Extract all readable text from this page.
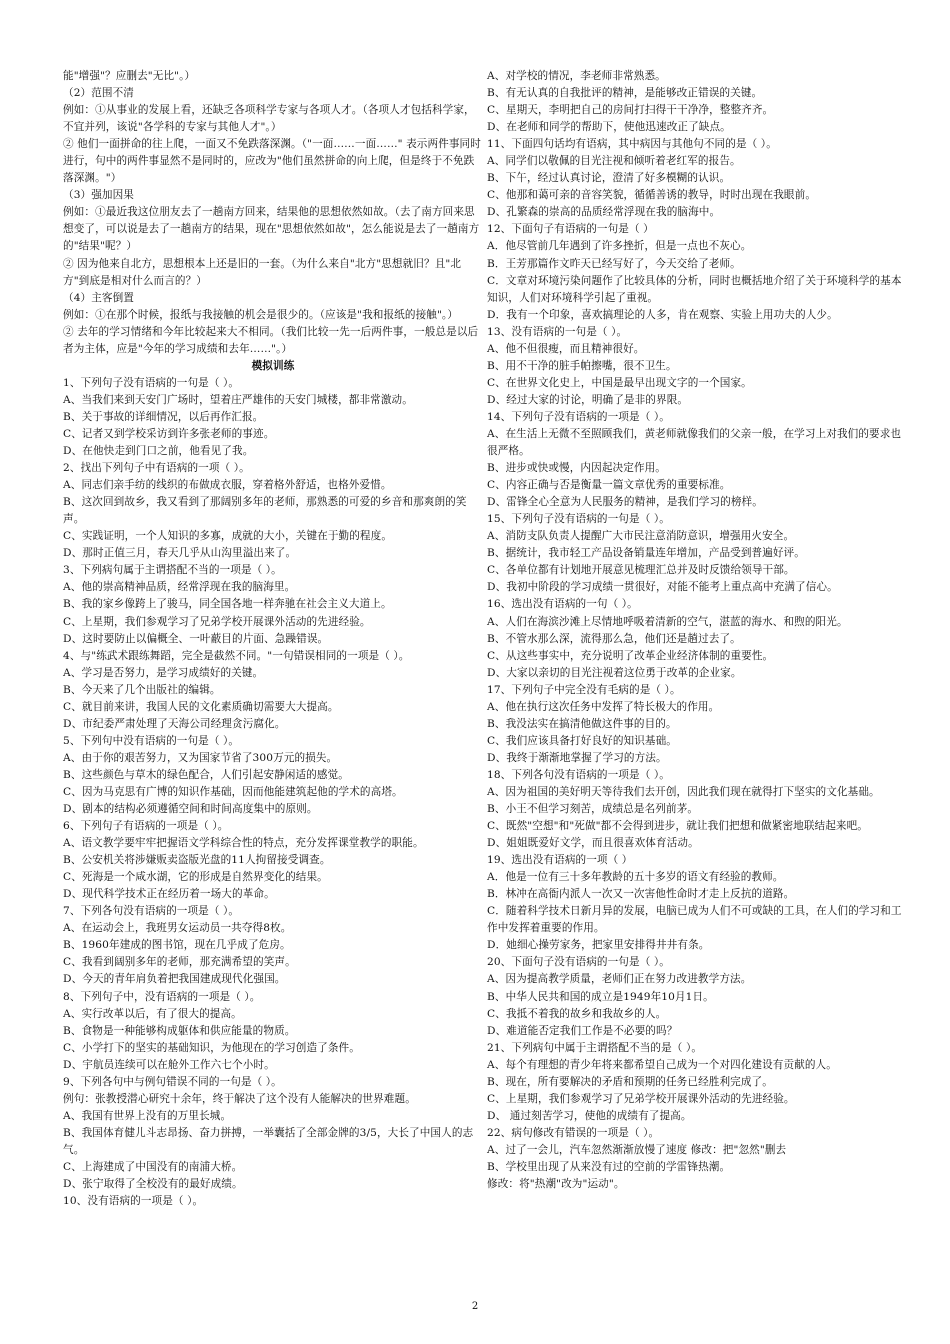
能"增强"？应删去"无比"。）
（2）范围不清
例如：①从事业的发展上看，还缺乏各项科学专家与各项人才。（各项人才包括科学家，不宜并列，该说"各学科的专家与其他人才"。）
② 他们一面拼命的往上爬，一面又不免跌落深渊。（"一面……一面……" 表示两件事同时进行，句中的两件事显然不是同时的，应改为"他们虽然拼命的向上爬，但是终于不免跌落深渊。"）
（3）强加因果
例如：①最近我这位朋友去了一趟南方回来，结果他的思想依然如故。（去了南方回来思想变了，可以说是去了一趟南方的结果，现在"思想依然如故"，怎么能说是去了一趟南方的"结果"呢？）
② 因为他来自北方，思想根本上还是旧的一套。（为什么来自"北方"思想就旧？且"北方"到底是相对什么而言的？）
（4）主客倒置
例如：①在那个时候，报纸与我接触的机会是很少的。（应该是"我和报纸的接触"。）
② 去年的学习情绪和今年比较起来大不相同。（我们比较一先一后两件事，一般总是以后者为主体，应是"今年的学习成绩和去年……"。）
模拟训练
1、下列句子没有语病的一句是（ ）。
A、当我们来到天安门广场时，望着庄严雄伟的天安门城楼，都非常激动。
B、关于事故的详细情况，以后再作汇报。
C、记者又到学校采访到许多张老师的事迹。
D、在他快走到门口之前，他看见了我。
2、找出下列句子中有语病的一项（ ）。
A、同志们亲手纺的线织的布做成衣服，穿着格外舒适，也格外爱惜。
B、这次回到故乡，我又看到了那阔别多年的老师，那熟悉的可爱的乡音和那爽朗的笑声。
C、实践证明，一个人知识的多寡，成就的大小，关键在于勤的程度。
D、那时正值三月，春天几乎从山沟里溢出来了。
3、下列病句属于主谓搭配不当的一项是（ ）。
A、他的崇高精神品质，经常浮现在我的脑海里。
B、我的家乡像跨上了骏马，同全国各地一样奔驰在社会主义大道上。
C、上星期，我们参观学习了兄弟学校开展课外活动的先进经验。
D、这时要防止以偏概全、一叶蔽目的片面、急躁错误。
4、与"练武术跟练舞蹈，完全是截然不同。"一句错误相同的一项是（ ）。
A、学习是否努力，是学习成绩好的关键。
B、今天来了几个出版社的编辑。
C、就目前来讲，我国人民的文化素质确切需要大大提高。
D、市纪委严肃处理了天海公司经理贪污腐化。
5、下列句中没有语病的一句是（ ）。
A、由于你的艰苦努力，又为国家节省了300万元的损失。
B、这些颜色与草木的绿色配合，人们引起安静闲适的感觉。
C、因为马克思有广博的知识作基础，因而他能建筑起他的学术的高塔。
D、剧本的结构必须遵循空间和时间高度集中的原则。
6、下列句子有语病的一项是（ ）。
A、语文教学要牢牢把握语文学科综合性的特点，充分发挥课堂教学的职能。
B、公安机关将涉嫌贩卖盗版光盘的11人拘留接受调查。
C、死海是一个咸水湖，它的形成是自然界变化的结果。
D、现代科学技术正在经历着一场大的革命。
7、下列各句没有语病的一项是（ ）。
A、在运动会上，我班男女运动员一共夺得8枚。
B、1960年建成的图书馆，现在几乎成了危房。
C、我看到阔别多年的老师，那充满希望的笑声。
D、今天的青年肩负着把我国建成现代化强国。
8、下列句子中，没有语病的一项是（ ）。
A、实行改革以后，有了很大的提高。
B、食物是一种能够构成躯体和供应能量的物质。
C、小学打下的坚实的基础知识，为他现在的学习创造了条件。
D、宇航员连续可以在舱外工作六七个小时。
9、下列各句中与例句错误不同的一句是（ ）。
例句：张教授潜心研究十余年，终于解决了这个没有人能解决的世界难题。
A、我国有世界上没有的万里长城。
B、我国体育健儿斗志昂扬、奋力拼搏，一举囊括了全部金牌的3/5，大长了中国人的志气。
C、上海建成了中国没有的南浦大桥。
D、张宁取得了全校没有的最好成绩。
10、没有语病的一项是（ ）。
A、对学校的情况，李老师非常熟悉。
B、有无认真的自我批评的精神，是能够改正错误的关键。
C、星期天，李明把自己的房间打扫得干干净净，整整齐齐。
D、在老师和同学的帮助下，使他迅速改正了缺点。
11、下面四句话均有语病，其中病因与其他句不同的是（ ）。
A、同学们以敬佩的目光注视和倾听着老红军的报告。
B、下午，经过认真讨论，澄清了好多模糊的认识。
C、他那和蔼可亲的音容笑貌，循循善诱的教导，时时出现在我眼前。
D、孔繁森的崇高的品质经常浮现在我的脑海中。
12、下面句子有语病的一句是（ ）
A．他尽管前几年遇到了许多挫折，但是一点也不灰心。
B．王芳那篇作文昨天已经写好了，今天交给了老师。
C．文章对环境污染问题作了比较具体的分析，同时也概括地介绍了关于环境科学的基本知识，人们对环境科学引起了重视。
D．我有一个印象，喜欢搞理论的人多，肯在观察、实验上用功夫的人少。
13、没有语病的一句是（ ）。
A、他不但很瘦，而且精神很好。
B、用不干净的脏手帕擦嘴，很不卫生。
C、在世界文化史上，中国是最早出现文字的一个国家。
D、经过大家的讨论，明确了是非的界限。
14、下列句子没有语病的一项是（ ）。
A、在生活上无微不至照顾我们，黄老师就像我们的父亲一般，在学习上对我们的要求也很严格。
B、进步或快或慢，内因起决定作用。
C、内容正确与否是衡量一篇文章优秀的重要标准。
D、雷锋全心全意为人民服务的精神，是我们学习的榜样。
15、下列句子没有语病的一句是（ ）。
A、消防支队负责人提醒广大市民注意消防意识，增强用火安全。
B、据统计，我市轻工产品设备销量连年增加，产品受到普遍好评。
C、各单位都有计划地开展意见梳理汇总并及时反馈给领导干部。
D、我初中阶段的学习成绩一贯很好，对能不能考上重点高中充满了信心。
16、选出没有语病的一句（ ）。
A、人们在海滨沙滩上尽情地呼吸着清新的空气，湛蓝的海水、和煦的阳光。
B、不管水那么深，流得那么急，他们还是趟过去了。
C、从这些事实中，充分说明了改革企业经济体制的重要性。
D、大家以亲切的目光注视着这位勇于改革的企业家。
17、下列句子中完全没有毛病的是（ ）。
A、他在执行这次任务中发挥了特长极大的作用。
B、我没法实在搞清他做这件事的目的。
C、我们应该具备打好良好的知识基础。
D、我终于渐渐地掌握了学习的方法。
18、下列各句没有语病的一项是（ ）。
A、因为祖国的美好明天等待我们去开创，因此我们现在就得打下坚实的文化基础。
B、小王不但学习刻苦，成绩总是名列前茅。
C、既然"空想"和"死做"都不会得到进步，就让我们把想和做紧密地联结起来吧。
D、姐姐既爱好文学，而且很喜欢体育活动。
19、选出没有语病的一项（ ）
A．他是一位有三十多年教龄的五十多岁的语文有经验的教师。
B．林冲在高衙内派人一次又一次害他性命时才走上反抗的道路。
C．随着科学技术日新月异的发展，电脑已成为人们不可或缺的工具，在人们的学习和工作中发挥着重要的作用。
D．她细心操劳家务，把家里安排得井井有条。
20、下面句子没有语病的一句是（ ）。
A、因为提高教学质量，老师们正在努力改进教学方法。
B、中华人民共和国的成立是1949年10月1日。
C、我抵不着我的故乡和我故乡的人。
D、难道能否定我们工作是不必要的吗？
21、下列病句中属于主谓搭配不当的是（ ）。
A、每个有理想的青少年将来都希望自己成为一个对四化建设有贡献的人。
B、现在，所有要解决的矛盾和预期的任务已经胜利完成了。
C、上星期，我们参观学习了兄弟学校开展课外活动的先进经验。
D、 通过刻苦学习，使他的成绩有了提高。
22、病句修改有错误的一项是（ ）。
A、过了一会儿，汽车忽然渐渐放慢了速度 修改：把"忽然"删去
B、学校里出现了从来没有过的空前的学雷锋热潮。
修改：将"热潮"改为"运动"。
2
